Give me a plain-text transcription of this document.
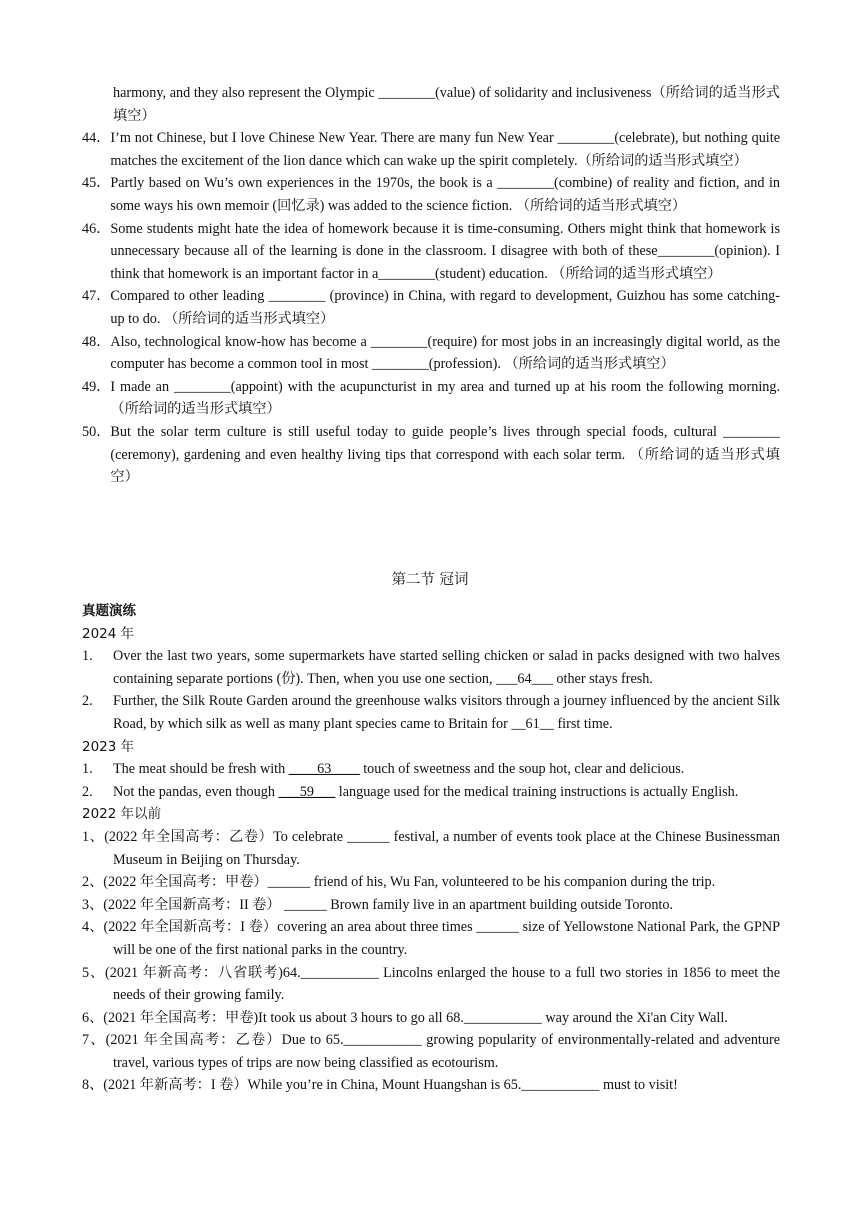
harmony, and they also represent the Olympic ________(value) of solidarity and inclusiveness（所给词的适当形式填空）
44． I’m not Chinese, but I love Chinese New Year. There are many fun New Year ________(celebrate), but nothing quite matches the excitement of the lion dance which can wake up the spirit completely.（所给词的适当形式填空）
45． Partly based on Wu’s own experiences in the 1970s, the book is a ________(combine) of reality and fiction, and in some ways his own memoir (回忆录) was added to the science fiction. （所给词的适当形式填空）
46． Some students might hate the idea of homework because it is time-consuming. Others might think that homework is unnecessary because all of the learning is done in the classroom. I disagree with both of these________(opinion). I think that homework is an important factor in a________(student) education. （所给词的适当形式填空）
47． Compared to other leading ________ (province) in China, with regard to development, Guizhou has some catching-up to do. （所给词的适当形式填空）
48． Also, technological know-how has become a ________(require) for most jobs in an increasingly digital world, as the computer has become a common tool in most ________(profession). （所给词的适当形式填空）
49． I made an ________(appoint) with the acupuncturist in my area and turned up at his room the following morning. （所给词的适当形式填空）
50． But the solar term culture is still useful today to guide people’s lives through special foods, cultural ________ (ceremony), gardening and even healthy living tips that correspond with each solar term. （所给词的适当形式填空）
第二节 冠词
真题演练
2024 年
1.	Over the last two years, some supermarkets have started selling chicken or salad in packs designed with two halves containing separate portions (份). Then, when you use one section, ___64___ other stays fresh.
2.	Further, the Silk Route Garden around the greenhouse walks visitors through a journey influenced by the ancient Silk Road, by which silk as well as many plant species came to Britain for __61__ first time.
2023 年
1.	The meat should be fresh with ____63____ touch of sweetness and the soup hot, clear and delicious.
2.	Not the pandas, even though ___59___ language used for the medical training instructions is actually English.
2022 年以前
1、(2022 年全国高考：乙卷）To celebrate ______ festival, a number of events took place at the Chinese Businessman Museum in Beijing on Thursday.
2、(2022 年全国高考：甲卷）______ friend of his, Wu Fan, volunteered to be his companion during the trip.
3、(2022 年全国新高考：II 卷） ______ Brown family live in an apartment building outside Toronto.
4、(2022 年全国新高考：I 卷）covering an area about three times ______ size of Yellowstone National Park, the GPNP will be one of the first national parks in the country.
5、(2021 年新高考：八省联考)64.___________ Lincolns enlarged the house to a full two stories in 1856 to meet the needs of their growing family.
6、(2021 年全国高考：甲卷)It took us about 3 hours to go all 68.___________ way around the Xi'an City Wall.
7、(2021 年全国高考：乙卷）Due to 65.___________ growing popularity of environmentally-related and adventure travel, various types of trips are now being classified as ecotourism.
8、(2021 年新高考：I 卷）While you’re in China, Mount Huangshan is 65.___________ must to visit!
